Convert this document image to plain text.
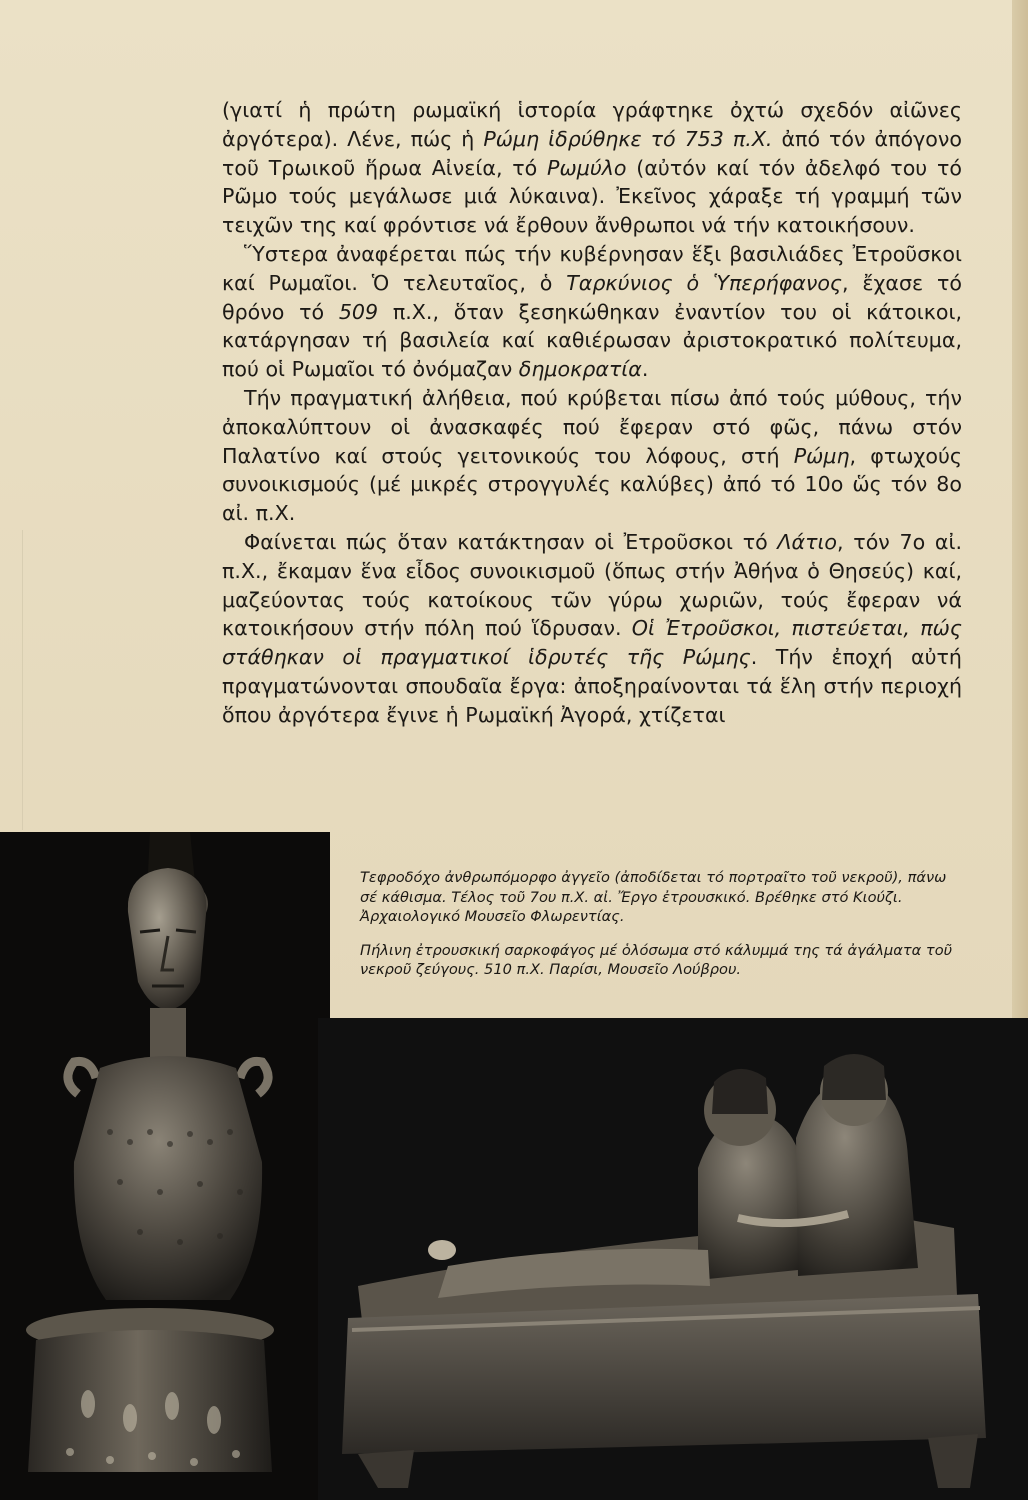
(γιατί ἡ πρώτη ρωμαϊκή ἱστορία γράφτηκε ὀχτώ σχεδόν αἰῶνες ἀργότερα). Λένε, πώς ἡ Ρώμη ἱδρύθηκε τό 753 π.Χ. ἀπό τόν ἀπόγονο τοῦ Τρωικοῦ ἥρωα Αἰνεία, τό Ρωμύλο (αὐτόν καί τόν ἀδελφό του τό Ρῶμο τούς μεγάλωσε μιά λύκαινα). Ἐκεῖνος χάραξε τή γραμμή τῶν τειχῶν της καί φρόντισε νά ἔρθουν ἄνθρωποι νά τήν κατοικήσουν.

Ὕστερα ἀναφέρεται πώς τήν κυβέρνησαν ἕξι βασιλιάδες Ἐτροῦσκοι καί Ρωμαῖοι. Ὁ τελευταῖος, ὁ Ταρκύνιος ὁ Ὑπερήφανος, ἔχασε τό θρόνο τό 509 π.Χ., ὅταν ξεσηκώθηκαν ἐναντίον του οἱ κάτοικοι, κατάργησαν τή βασιλεία καί καθιέρωσαν ἀριστοκρατικό πολίτευμα, πού οἱ Ρωμαῖοι τό ὀνόμαζαν δημοκρατία.

Τήν πραγματική ἀλήθεια, πού κρύβεται πίσω ἀπό τούς μύθους, τήν ἀποκαλύπτουν οἱ ἀνασκαφές πού ἔφεραν στό φῶς, πάνω στόν Παλατίνο καί στούς γειτονικούς του λόφους, στή Ρώμη, φτωχούς συνοικισμούς (μέ μικρές στρογγυλές καλύβες) ἀπό τό 10ο ὥς τόν 8ο αἰ. π.Χ.

Φαίνεται πώς ὅταν κατάκτησαν οἱ Ἐτροῦσκοι τό Λάτιο, τόν 7ο αἰ. π.Χ., ἔκαμαν ἕνα εἶδος συνοικισμοῦ (ὅπως στήν Ἀθήνα ὁ Θησεύς) καί, μαζεύοντας τούς κατοίκους τῶν γύρω χωριῶν, τούς ἔφεραν νά κατοικήσουν στήν πόλη πού ἵδρυσαν. Οἱ Ἐτροῦσκοι, πιστεύεται, πώς στάθηκαν οἱ πραγματικοί ἱδρυτές τῆς Ρώμης. Τήν ἐποχή αὐτή πραγματώνονται σπουδαῖα ἔργα: ἀποξηραίνονται τά ἕλη στήν περιοχή ὅπου ἀργότερα ἔγινε ἡ Ρωμαϊκή Ἀγορά, χτίζεται

Τεφροδόχο ἀνθρωπόμορφο ἀγγεῖο (ἀποδίδεται τό πορτραῖτο τοῦ νεκροῦ), πάνω σέ κάθισμα. Τέλος τοῦ 7ου π.Χ. αἰ. Ἔργο ἐτρουσκικό. Βρέθηκε στό Κιούζι. Ἀρχαιολογικό Μουσεῖο Φλωρεντίας.

Πήλινη ἐτρουσκική σαρκοφάγος μέ ὁλόσωμα στό κάλυμμά της τά ἀγάλματα τοῦ νεκροῦ ζεύγους. 510 π.Χ. Παρίσι, Μουσεῖο Λούβρου.
